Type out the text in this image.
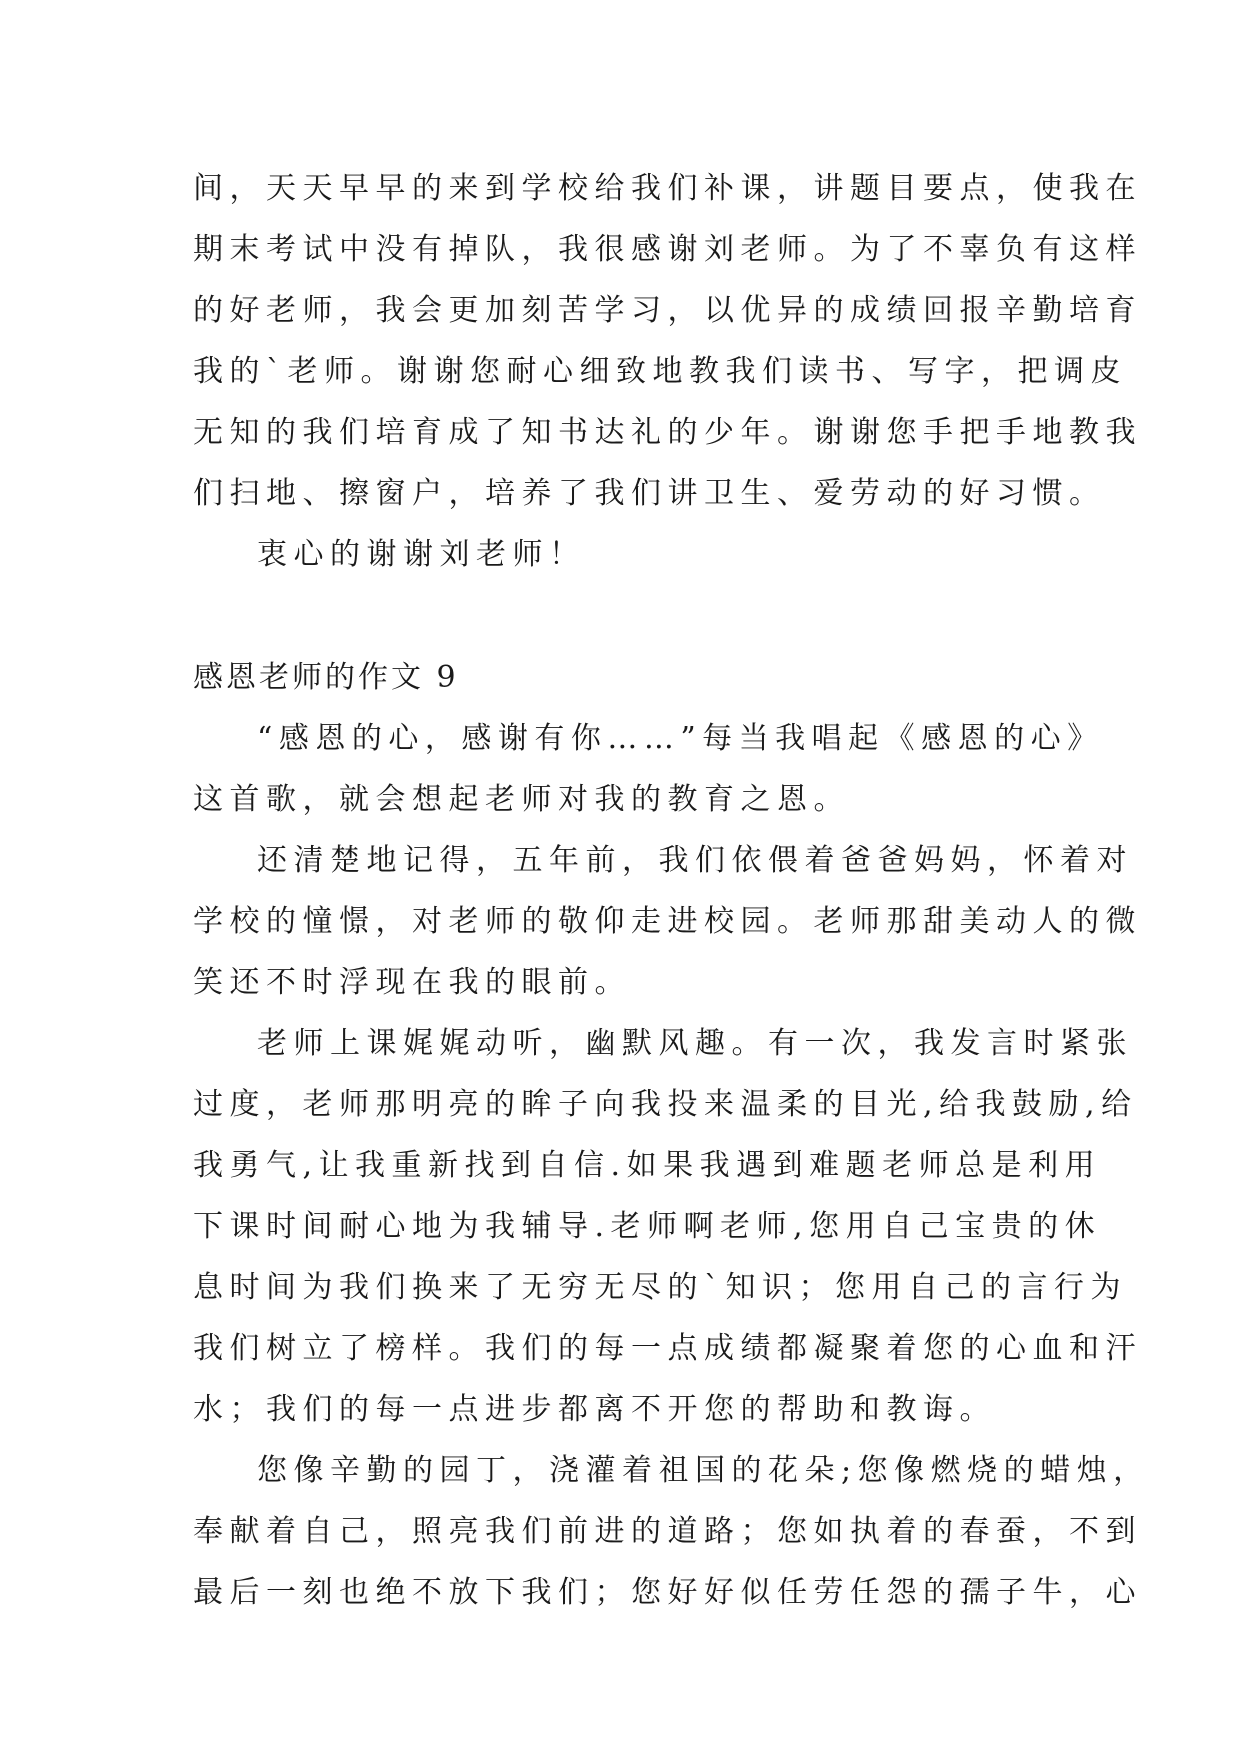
间，天天早早的来到学校给我们补课，讲题目要点，使我在

期末考试中没有掉队，我很感谢刘老师。为了不辜负有这样

的好老师，我会更加刻苦学习，以优异的成绩回报辛勤培育

我的`老师。谢谢您耐心细致地教我们读书、写字，把调皮

无知的我们培育成了知书达礼的少年。谢谢您手把手地教我

们扫地、擦窗户，培养了我们讲卫生、爱劳动的好习惯。

衷心的谢谢刘老师！

感恩老师的作文 9

“感恩的心，感谢有你……”每当我唱起《感恩的心》

这首歌，就会想起老师对我的教育之恩。

还清楚地记得，五年前，我们依偎着爸爸妈妈，怀着对

学校的憧憬，对老师的敬仰走进校园。老师那甜美动人的微

笑还不时浮现在我的眼前。

老师上课娓娓动听，幽默风趣。有一次，我发言时紧张

过度，老师那明亮的眸子向我投来温柔的目光,给我鼓励,给

我勇气,让我重新找到自信.如果我遇到难题老师总是利用

下课时间耐心地为我辅导.老师啊老师,您用自己宝贵的休

息时间为我们换来了无穷无尽的`知识；您用自己的言行为

我们树立了榜样。我们的每一点成绩都凝聚着您的心血和汗

水；我们的每一点进步都离不开您的帮助和教诲。

您像辛勤的园丁，浇灌着祖国的花朵;您像燃烧的蜡烛，

奉献着自己，照亮我们前进的道路；您如执着的春蚕，不到

最后一刻也绝不放下我们；您好好似任劳任怨的孺子牛，心
